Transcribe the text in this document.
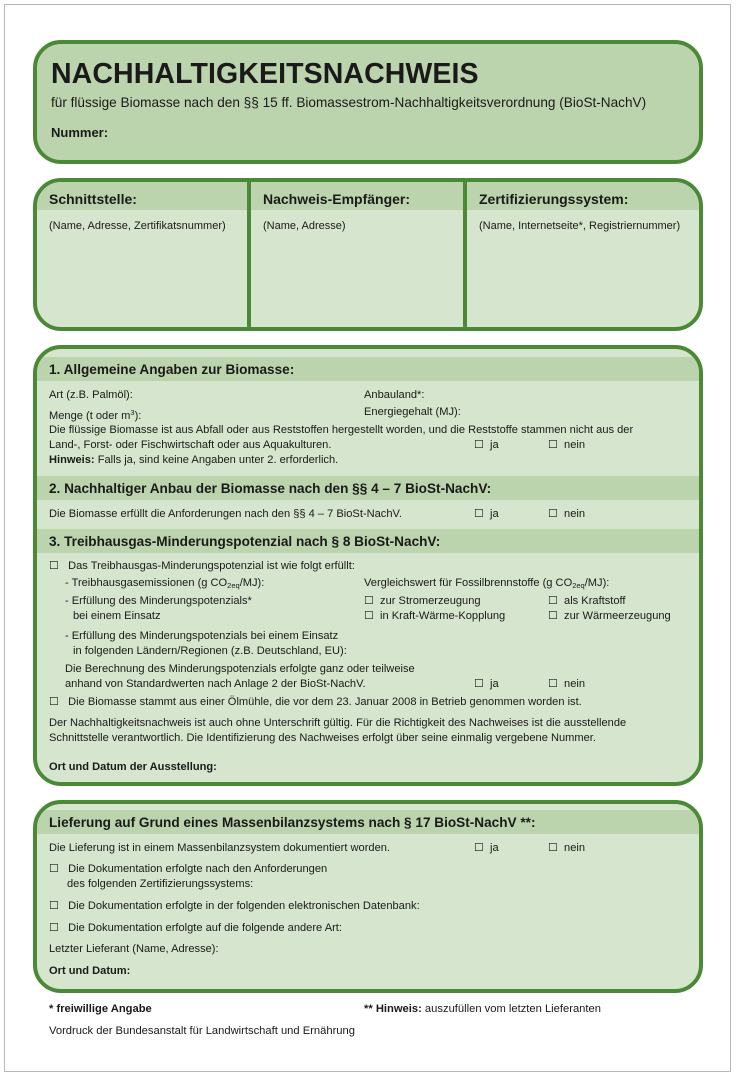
NACHHALTIGKEITSNACHWEIS
für flüssige Biomasse nach den §§ 15 ff. Biomassestrom-Nachhaltigkeitsverordnung (BioSt-NachV)
Nummer:
Schnittstelle:
(Name, Adresse, Zertifikatsnummer)
Nachweis-Empfänger:
(Name, Adresse)
Zertifizierungssystem:
(Name, Internetseite*, Registriernummer)
1. Allgemeine Angaben zur Biomasse:
Art (z.B. Palmöl):	Anbauland*:
Menge (t oder $m^3$):	Energiegehalt (MJ):
Die flüssige Biomasse ist aus Abfall oder aus Reststoffen hergestellt worden, und die Reststoffe stammen nicht aus der
Land-, Forst- oder Fischwirtschaft oder aus Aquakulturen.	☐ ja	☐ nein
Hinweis: Falls ja, sind keine Angaben unter 2. erforderlich.
2. Nachhaltiger Anbau der Biomasse nach den §§ 4 – 7 BioSt-NachV:
Die Biomasse erfüllt die Anforderungen nach den §§ 4 – 7 BioSt-NachV.	☐ ja	☐ nein
3. Treibhausgas-Minderungspotenzial nach § 8 BioSt-NachV:
☐ Das Treibhausgas-Minderungspotenzial ist wie folgt erfüllt:
- Treibhausgasemissionen (g $CO_{2eq}/MJ$):	Vergleichswert für Fossilbrennstoffe (g $CO_{2eq}/MJ$):
- Erfüllung des Minderungspotenzials*
bei einem Einsatz
☐ zur Stromerzeugung	☐ als Kraftstoff
☐ in Kraft-Wärme-Kopplung	☐ zur Wärmeerzeugung
- Erfüllung des Minderungspotenzials bei einem Einsatz
in folgenden Ländern/Regionen (z.B. Deutschland, EU):
Die Berechnung des Minderungspotenzials erfolgte ganz oder teilweise
anhand von Standardwerten nach Anlage 2 der BioSt-NachV.	☐ ja	☐ nein
☐ Die Biomasse stammt aus einer Ölmühle, die vor dem 23. Januar 2008 in Betrieb genommen worden ist.
Der Nachhaltigkeitsnachweis ist auch ohne Unterschrift gültig. Für die Richtigkeit des Nachweises ist die ausstellende
Schnittstelle verantwortlich. Die Identifizierung des Nachweises erfolgt über seine einmalig vergebene Nummer.
Ort und Datum der Ausstellung:
Lieferung auf Grund eines Massenbilanzsystems nach § 17 BioSt-NachV **:
Die Lieferung ist in einem Massenbilanzsystem dokumentiert worden.	☐ ja	☐ nein
☐ Die Dokumentation erfolgte nach den Anforderungen
des folgenden Zertifizierungssystems:
☐ Die Dokumentation erfolgte in der folgenden elektronischen Datenbank:
☐ Die Dokumentation erfolgte auf die folgende andere Art:
Letzter Lieferant (Name, Adresse):
Ort und Datum:
* freiwillige Angabe	** Hinweis: auszufüllen vom letzten Lieferanten
Vordruck der Bundesanstalt für Landwirtschaft und Ernährung
